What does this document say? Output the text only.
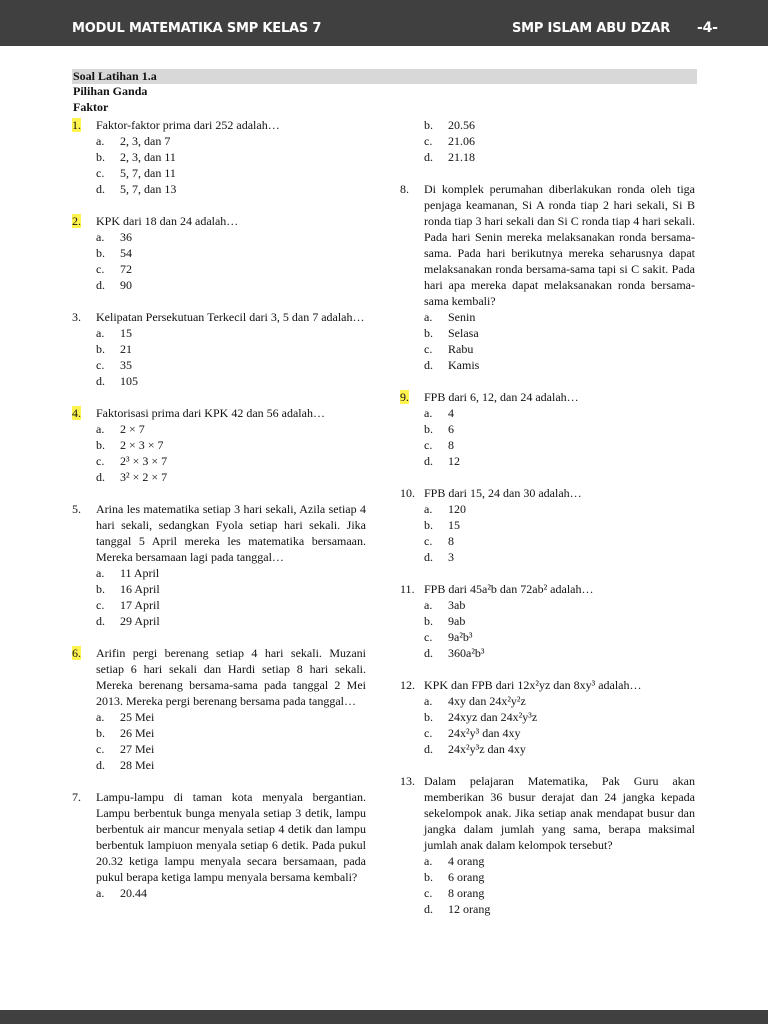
MODUL MATEMATIKA SMP KELAS 7	SMP ISLAM ABU DZAR -4-
Soal Latihan 1.a
Pilihan Ganda
Faktor
1.	Faktor-faktor prima dari 252 adalah…
a.	2, 3, dan 7
b.	2, 3, dan 11
c.	5, 7, dan 11
d.	5, 7, dan 13
2.	KPK dari 18 dan 24 adalah…
a.	36
b.	54
c.	72
d.	90
3.	Kelipatan Persekutuan Terkecil dari 3, 5 dan 7 adalah…
a.	15
b.	21
c.	35
d.	105
4.	Faktorisasi prima dari KPK 42 dan 56 adalah…
a.	2 × 7
b.	2 × 3 × 7
c.	2³ × 3 × 7
d.	3² × 2 × 7
5.	Arina les matematika setiap 3 hari sekali, Azila setiap 4 hari sekali, sedangkan Fyola setiap hari sekali. Jika tanggal 5 April mereka les matematika bersamaan. Mereka bersamaan lagi pada tanggal…
a.	11 April
b.	16 April
c.	17 April
d.	29 April
6.	Arifin pergi berenang setiap 4 hari sekali. Muzani setiap 6 hari sekali dan Hardi setiap 8 hari sekali. Mereka berenang bersama-sama pada tanggal 2 Mei 2013. Mereka pergi berenang bersama pada tanggal…
a.	25 Mei
b.	26 Mei
c.	27 Mei
d.	28 Mei
7.	Lampu-lampu di taman kota menyala bergantian. Lampu berbentuk bunga menyala setiap 3 detik, lampu berbentuk air mancur menyala setiap 4 detik dan lampu berbentuk lampiuon menyala setiap 6 detik. Pada pukul 20.32 ketiga lampu menyala secara bersamaan, pada pukul berapa ketiga lampu menyala bersama kembali?
a.	20.44
b.	20.56
c.	21.06
d.	21.18
8.	Di komplek perumahan diberlakukan ronda oleh tiga penjaga keamanan, Si A ronda tiap 2 hari sekali, Si B ronda tiap 3 hari sekali dan Si C ronda tiap 4 hari sekali. Pada hari Senin mereka melaksanakan ronda bersama-sama. Pada hari berikutnya mereka seharusnya dapat melaksanakan ronda bersama-sama tapi si C sakit. Pada hari apa mereka dapat melaksanakan ronda bersama-sama kembali?
a.	Senin
b.	Selasa
c.	Rabu
d.	Kamis
9.	FPB dari 6, 12, dan 24 adalah…
a.	4
b.	6
c.	8
d.	12
10. FPB dari 15, 24 dan 30 adalah…
a.	120
b.	15
c.	8
d.	3
11. FPB dari 45a²b dan 72ab² adalah…
a.	3ab
b.	9ab
c.	9a²b³
d.	360a²b³
12. KPK dan FPB dari 12x²yz dan 8xy³ adalah…
a.	4xy dan 24x²y²z
b.	24xyz dan 24x²y³z
c.	24x²y³ dan 4xy
d.	24x²y³z dan 4xy
13. Dalam pelajaran Matematika, Pak Guru akan memberikan 36 busur derajat dan 24 jangka kepada sekelompok anak. Jika setiap anak mendapat busur dan jangka dalam jumlah yang sama, berapa maksimal jumlah anak dalam kelompok tersebut?
a.	4 orang
b.	6 orang
c.	8 orang
d.	12 orang
